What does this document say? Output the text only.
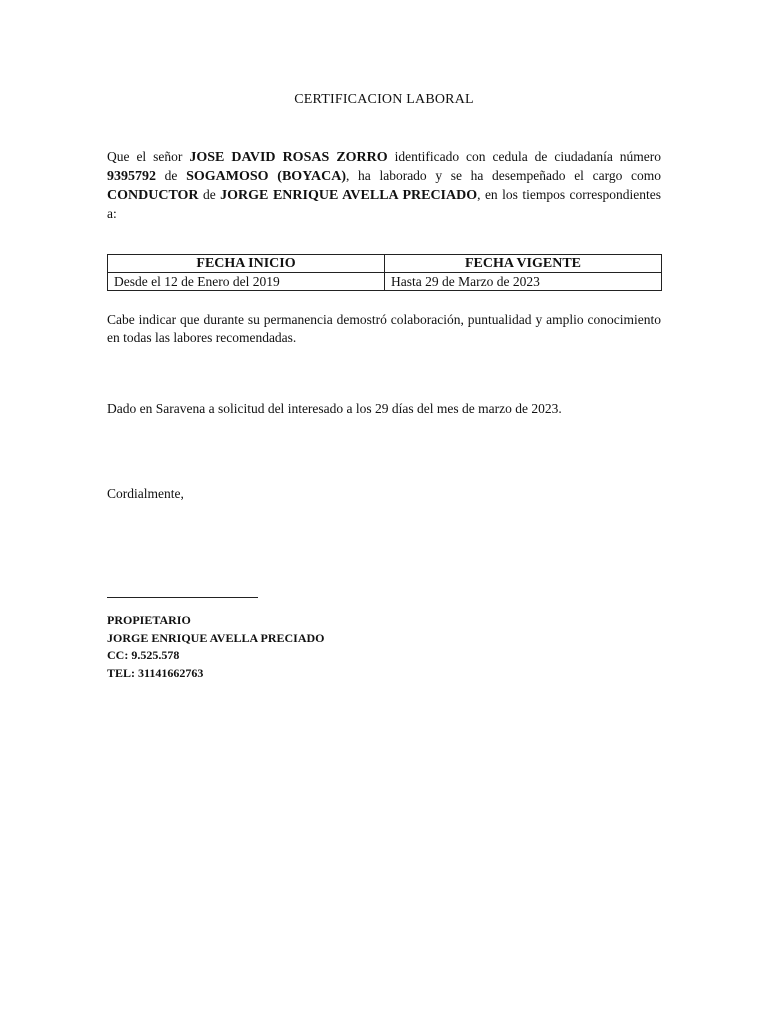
CERTIFICACION LABORAL
Que el señor JOSE DAVID ROSAS ZORRO identificado con cedula de ciudadanía número 9395792 de SOGAMOSO (BOYACA), ha laborado y se ha desempeñado el cargo como CONDUCTOR de JORGE ENRIQUE AVELLA PRECIADO, en los tiempos correspondientes a:
FECHA INICIO	FECHA VIGENTE
Desde el 12 de Enero del 2019	Hasta 29 de Marzo de 2023
Cabe indicar que durante su permanencia demostró colaboración, puntualidad y amplio conocimiento en todas las labores recomendadas.
Dado en Saravena a solicitud del interesado a los 29 días del mes de marzo de 2023.
Cordialmente,
PROPIETARIO
JORGE ENRIQUE AVELLA PRECIADO
CC: 9.525.578
TEL: 31141662763
